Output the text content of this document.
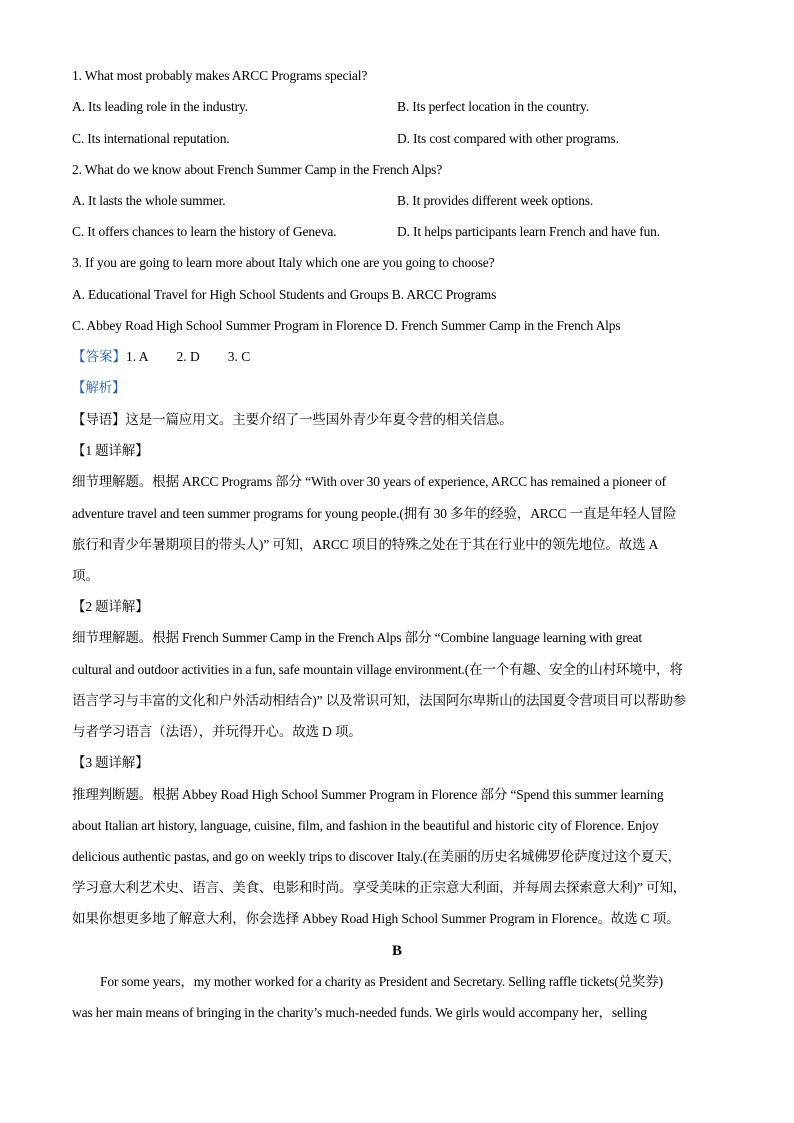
1. What most probably makes ARCC Programs special?
A. Its leading role in the industry.	B. Its perfect location in the country.
C. Its international reputation.	D. Its cost compared with other programs.
2. What do we know about French Summer Camp in the French Alps?
A. It lasts the whole summer.	B. It provides different week options.
C. It offers chances to learn the history of Geneva.	D. It helps participants learn French and have fun.
3. If you are going to learn more about Italy which one are you going to choose?
A. Educational Travel for High School Students and Groups B. ARCC Programs
C. Abbey Road High School Summer Program in Florence D. French Summer Camp in the French Alps
【答案】1. A 2. D 3. C
【解析】
【导语】这是一篇应用文。主要介绍了一些国外青少年夏令营的相关信息。
【1 题详解】
细节理解题。根据 ARCC Programs 部分 “With over 30 years of experience, ARCC has remained a pioneer of
adventure travel and teen summer programs for young people.(拥有 30 多年的经验，ARCC 一直是年轻人冒险
旅行和青少年暑期项目的带头人)” 可知，ARCC 项目的特殊之处在于其在行业中的领先地位。故选 A
项。
【2 题详解】
细节理解题。根据 French Summer Camp in the French Alps 部分 “Combine language learning with great
cultural and outdoor activities in a fun, safe mountain village environment.(在一个有趣、安全的山村环境中，将
语言学习与丰富的文化和户外活动相结合)” 以及常识可知，法国阿尔卑斯山的法国夏令营项目可以帮助参
与者学习语言（法语），并玩得开心。故选 D 项。
【3 题详解】
推理判断题。根据 Abbey Road High School Summer Program in Florence 部分 “Spend this summer learning
about Italian art history, language, cuisine, film, and fashion in the beautiful and historic city of Florence. Enjoy
delicious authentic pastas, and go on weekly trips to discover Italy.(在美丽的历史名城佛罗伦萨度过这个夏天，
学习意大利艺术史、语言、美食、电影和时尚。享受美味的正宗意大利面，并每周去探索意大利)” 可知，
如果你想更多地了解意大利，你会选择 Abbey Road High School Summer Program in Florence。故选 C 项。
B
For some years，my mother worked for a charity as President and Secretary. Selling raffle tickets(兑奖券)
was her main means of bringing in the charity’s much-needed funds. We girls would accompany her，selling
